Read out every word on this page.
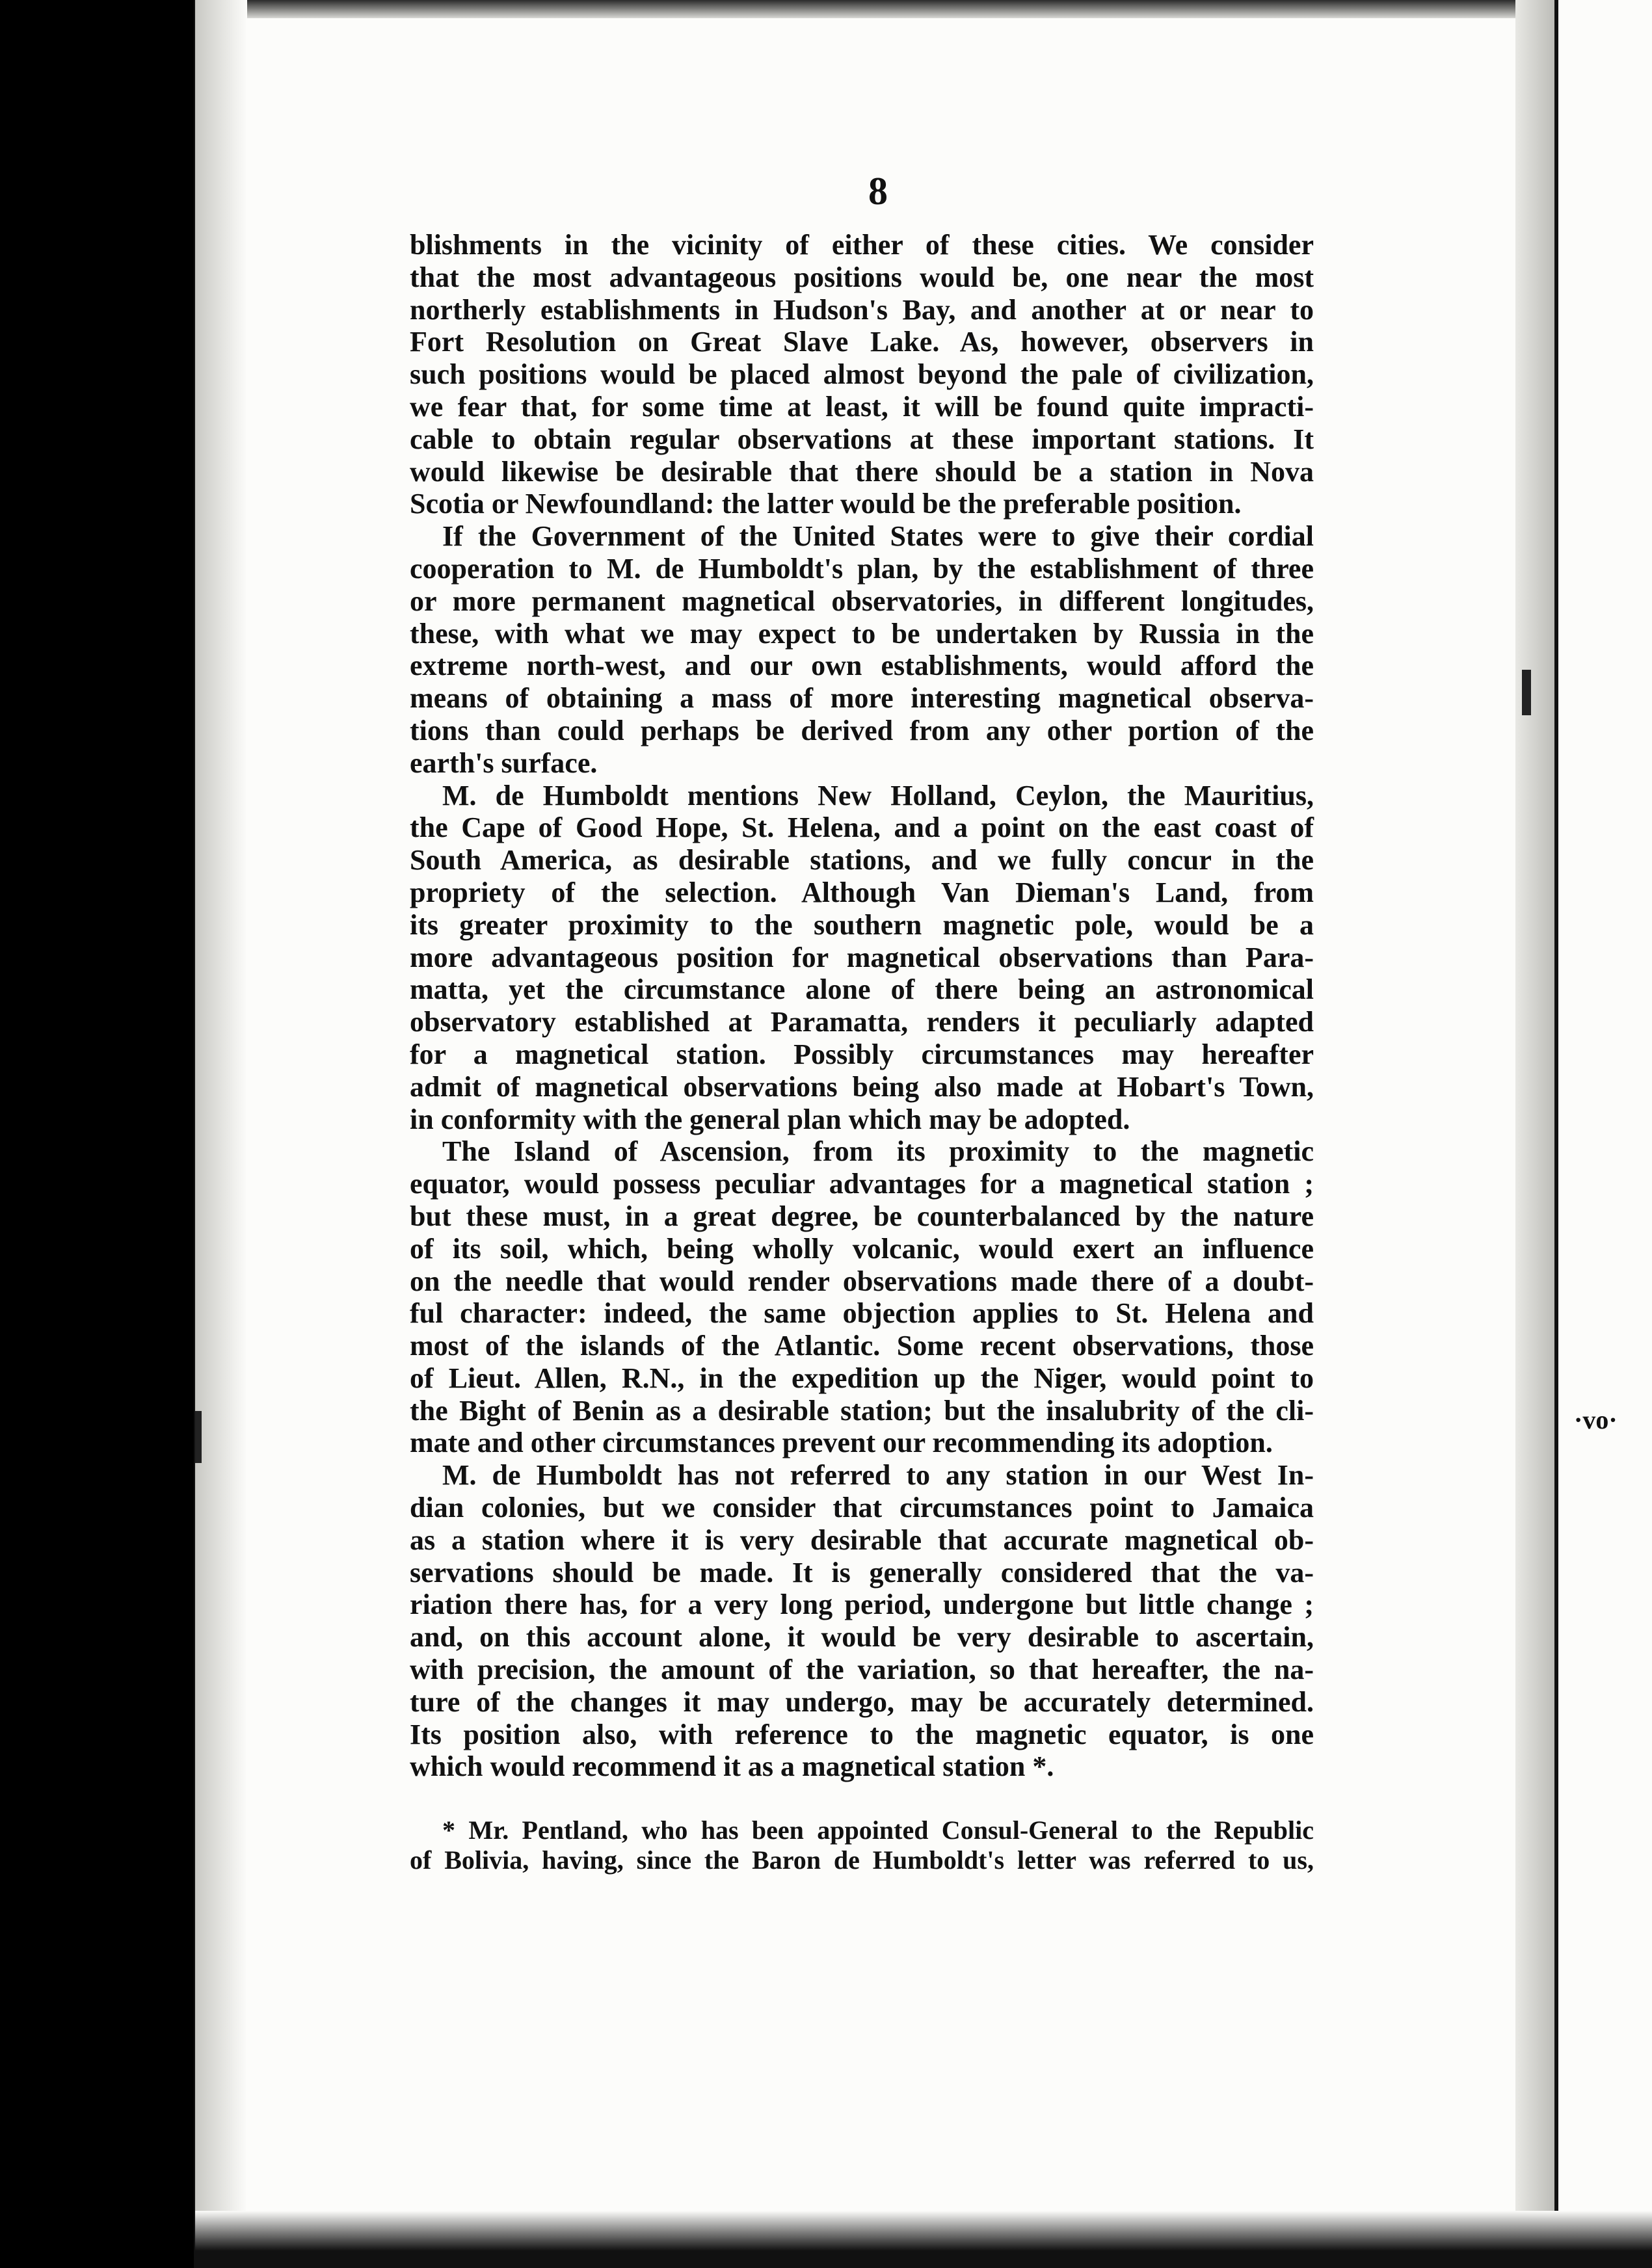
·vo·
8
blishments in the vicinity of either of these cities. We consider
that the most advantageous positions would be, one near the most
northerly establishments in Hudson's Bay, and another at or near to
Fort Resolution on Great Slave Lake. As, however, observers in
such positions would be placed almost beyond the pale of civilization,
we fear that, for some time at least, it will be found quite impracti-
cable to obtain regular observations at these important stations. It
would likewise be desirable that there should be a station in Nova
Scotia or Newfoundland: the latter would be the preferable position.
If the Government of the United States were to give their cordial
cooperation to M. de Humboldt's plan, by the establishment of three
or more permanent magnetical observatories, in different longitudes,
these, with what we may expect to be undertaken by Russia in the
extreme north-west, and our own establishments, would afford the
means of obtaining a mass of more interesting magnetical observa-
tions than could perhaps be derived from any other portion of the
earth's surface.
M. de Humboldt mentions New Holland, Ceylon, the Mauritius,
the Cape of Good Hope, St. Helena, and a point on the east coast of
South America, as desirable stations, and we fully concur in the
propriety of the selection. Although Van Dieman's Land, from
its greater proximity to the southern magnetic pole, would be a
more advantageous position for magnetical observations than Para-
matta, yet the circumstance alone of there being an astronomical
observatory established at Paramatta, renders it peculiarly adapted
for a magnetical station. Possibly circumstances may hereafter
admit of magnetical observations being also made at Hobart's Town,
in conformity with the general plan which may be adopted.
The Island of Ascension, from its proximity to the magnetic
equator, would possess peculiar advantages for a magnetical station ;
but these must, in a great degree, be counterbalanced by the nature
of its soil, which, being wholly volcanic, would exert an influence
on the needle that would render observations made there of a doubt-
ful character: indeed, the same objection applies to St. Helena and
most of the islands of the Atlantic. Some recent observations, those
of Lieut. Allen, R.N., in the expedition up the Niger, would point to
the Bight of Benin as a desirable station; but the insalubrity of the cli-
mate and other circumstances prevent our recommending its adoption.
M. de Humboldt has not referred to any station in our West In-
dian colonies, but we consider that circumstances point to Jamaica
as a station where it is very desirable that accurate magnetical ob-
servations should be made. It is generally considered that the va-
riation there has, for a very long period, undergone but little change ;
and, on this account alone, it would be very desirable to ascertain,
with precision, the amount of the variation, so that hereafter, the na-
ture of the changes it may undergo, may be accurately determined.
Its position also, with reference to the magnetic equator, is one
which would recommend it as a magnetical station *.
* Mr. Pentland, who has been appointed Consul-General to the Republic
of Bolivia, having, since the Baron de Humboldt's letter was referred to us,
